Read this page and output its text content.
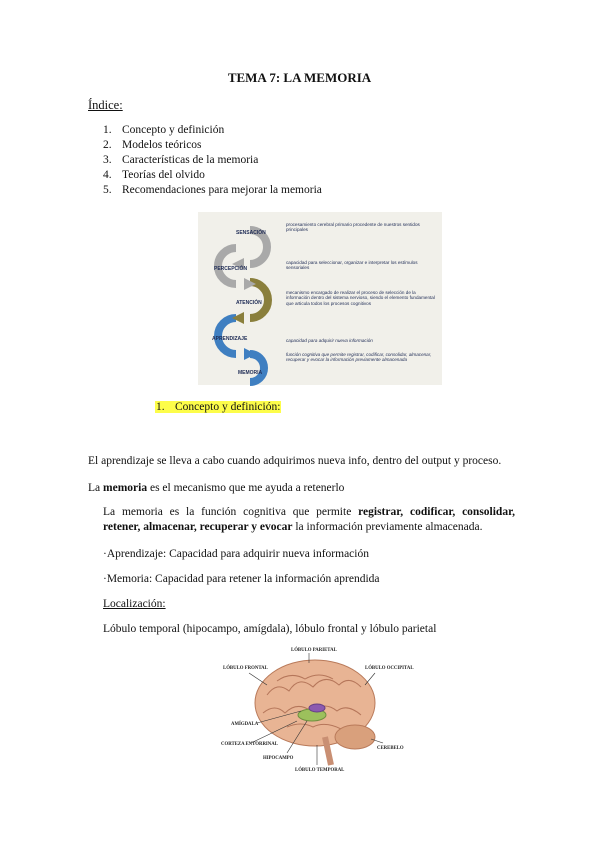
TEMA 7: LA MEMORIA
Índice:
1. Concepto y definición
2. Modelos teóricos
3. Características de la memoria
4. Teorías del olvido
5. Recomendaciones para mejorar la memoria
SENSACIÓN
PERCEPCIÓN
ATENCIÓN
APRENDIZAJE
MEMORIA
procesamiento cerebral primario procedente de nuestros sentidos principales
capacidad para seleccionar, organizar e interpretar los estímulos sensoriales
mecanismo encargado de realizar el proceso de selección de la información dentro del sistema nervioso, siendo el elemento fundamental que articula todos los procesos cognitivos
capacidad para adquirir nueva información
función cognitiva que permite registrar, codificar, consolidar, almacenar, recuperar y evocar la información previamente almacenada
1. Concepto y definición:
El aprendizaje se lleva a cabo cuando adquirimos nueva info, dentro del output y proceso.
La memoria es el mecanismo que me ayuda a retenerlo
La memoria es la función cognitiva que permite registrar, codificar, consolidar, retener, almacenar, recuperar y evocar la información previamente almacenada.
·Aprendizaje: Capacidad para adquirir nueva información
·Memoria: Capacidad para retener la información aprendida
Localización:
Lóbulo temporal (hipocampo, amígdala), lóbulo frontal y lóbulo parietal
LÓBULO PARIETAL
LÓBULO FRONTAL	LÓBULO OCCIPITAL
AMÍGDALA
CORTEZA ENTORRINAL
HIPOCAMPO
CEREBELO
LÓBULO TEMPORAL
